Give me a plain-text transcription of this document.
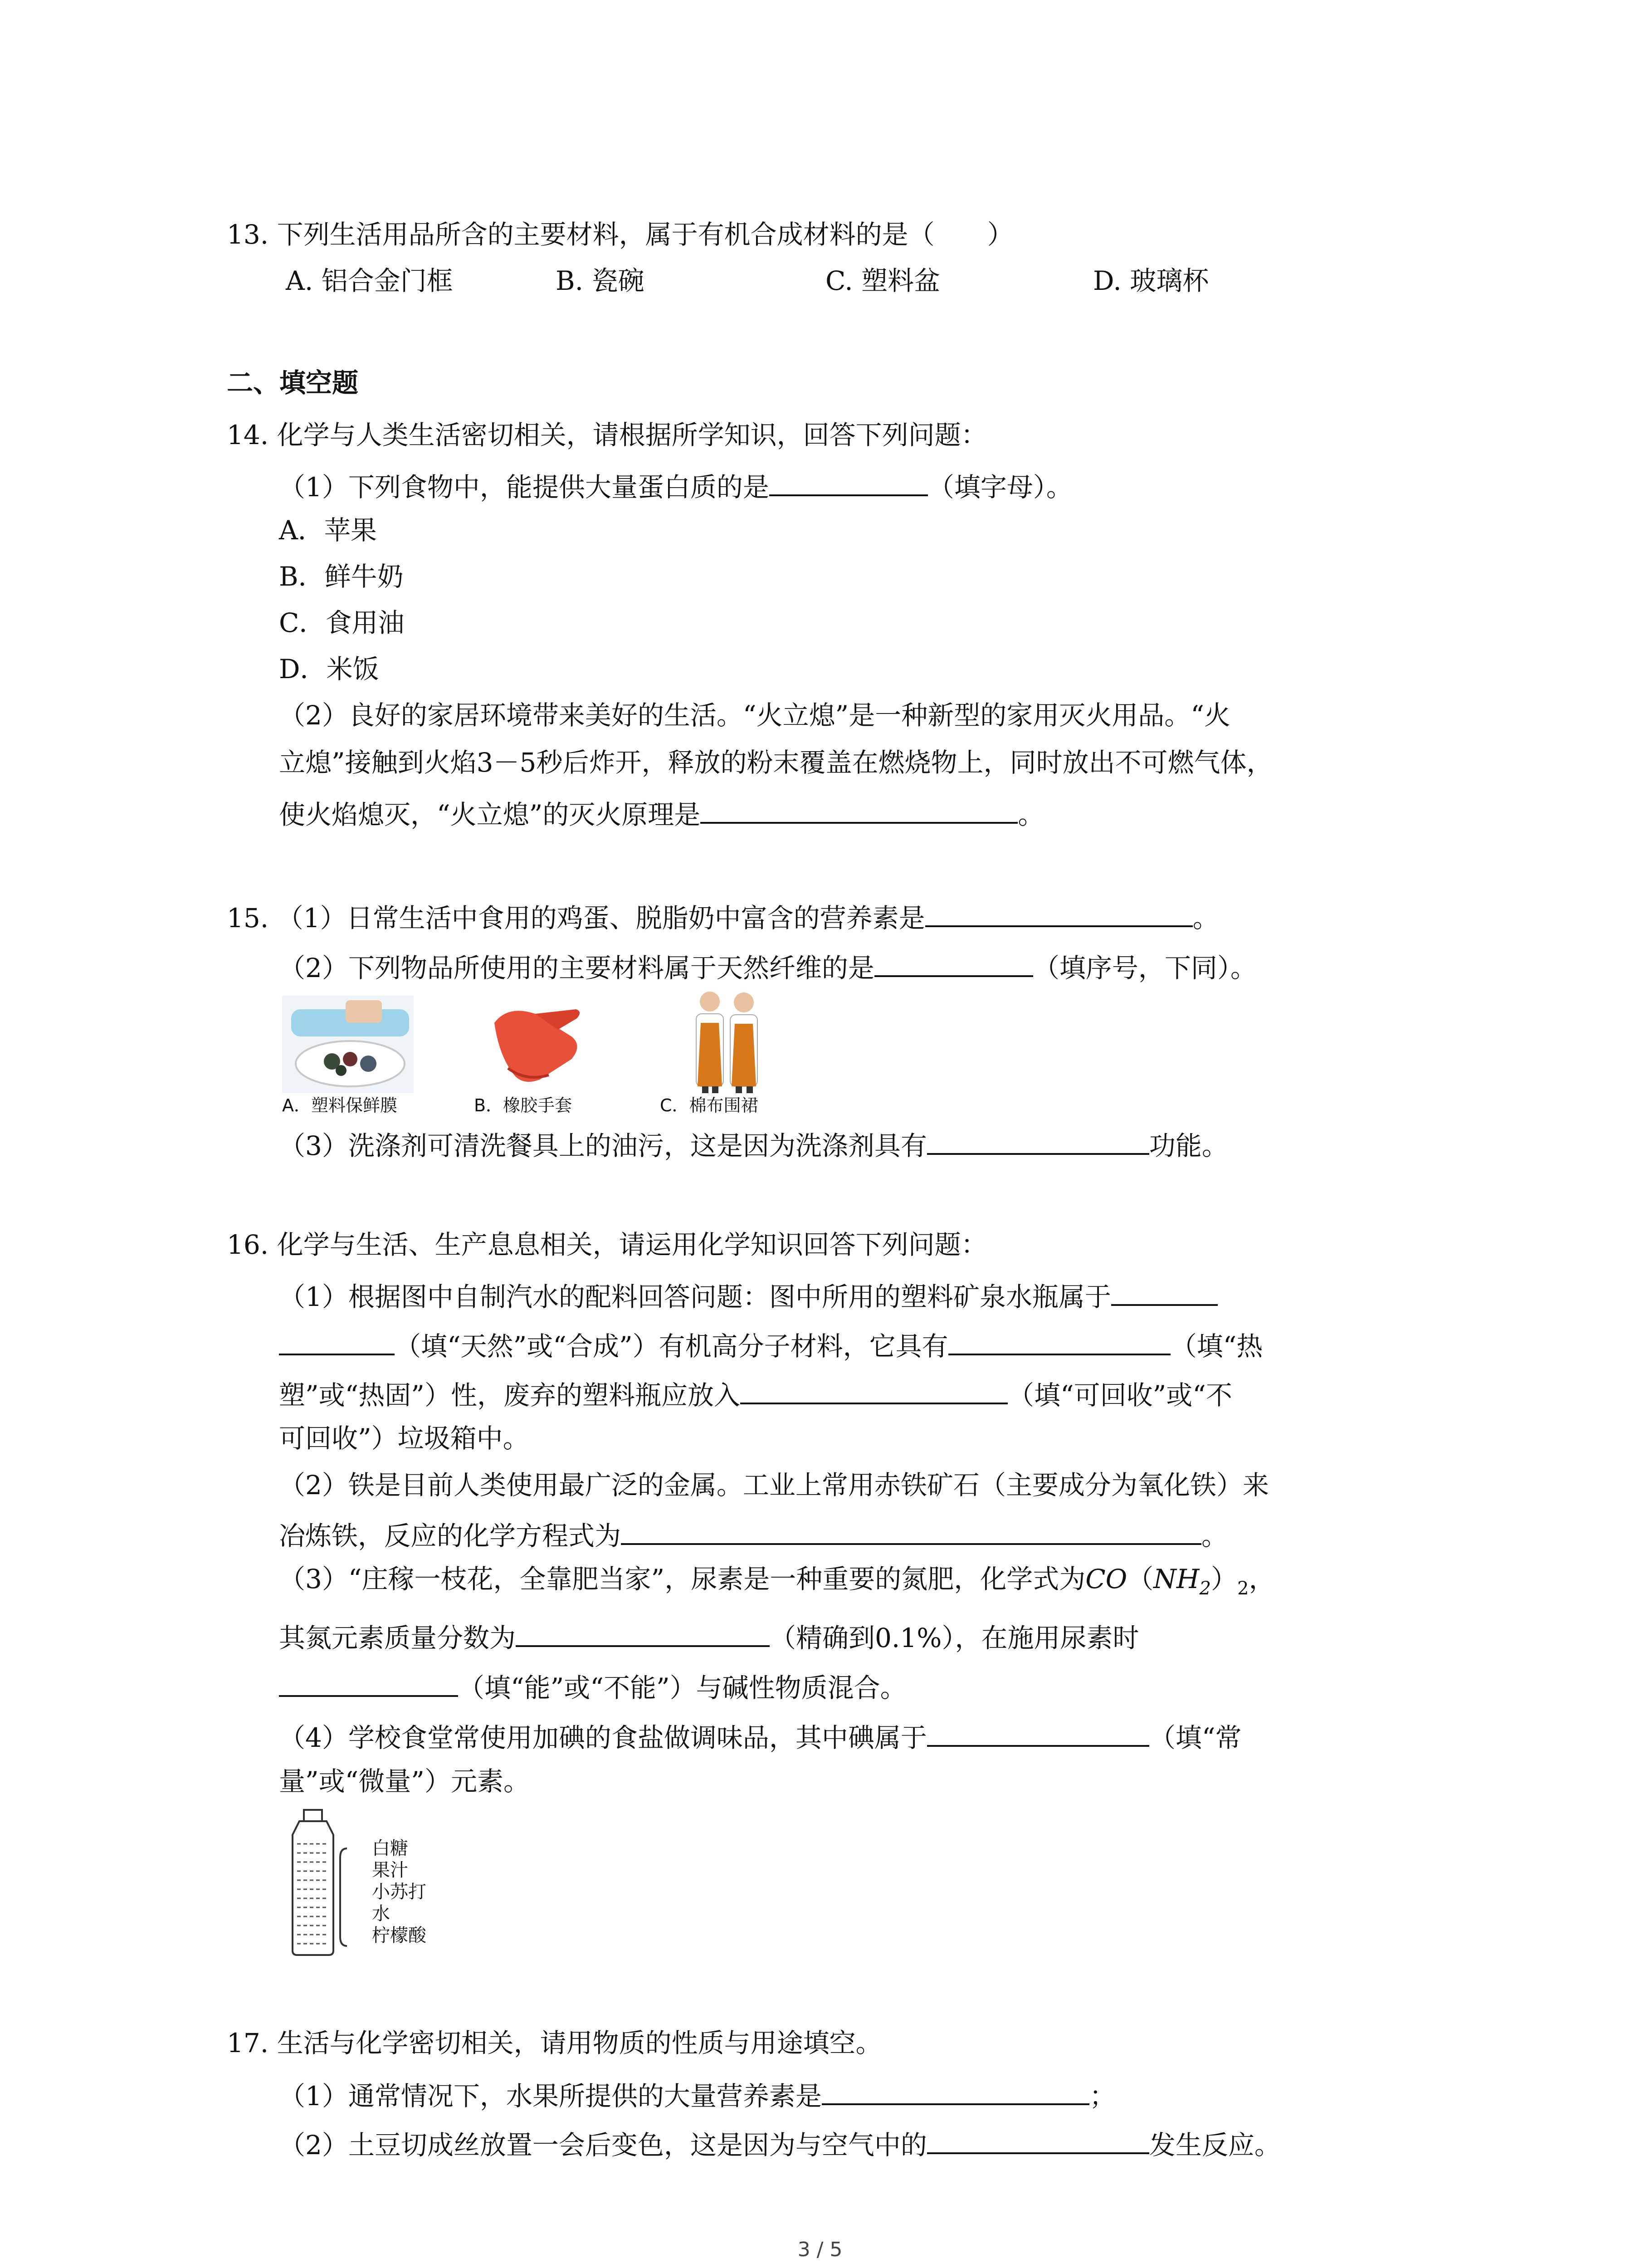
13. 下列生活用品所含的主要材料，属于有机合成材料的是（　　）
A. 铝合金门框	B. 瓷碗	C. 塑料盆	D. 玻璃杯
二、填空题
14. 化学与人类生活密切相关，请根据所学知识，回答下列问题：
（1）下列食物中，能提供大量蛋白质的是	（填字母）。
A．苹果
B．鲜牛奶
C．食用油
D．米饭
（2）良好的家居环境带来美好的生活。“火立熄”是一种新型的家用灭火用品。“火
立熄”接触到火焰3－5秒后炸开，释放的粉末覆盖在燃烧物上，同时放出不可燃气体，
使火焰熄灭，“火立熄”的灭火原理是	。
15. （1）日常生活中食用的鸡蛋、脱脂奶中富含的营养素是	。
（2）下列物品所使用的主要材料属于天然纤维的是	（填序号，下同）。
A．塑料保鲜膜	B．橡胶手套	C．棉布围裙
（3）洗涤剂可清洗餐具上的油污，这是因为洗涤剂具有	功能。
16. 化学与生活、生产息息相关，请运用化学知识回答下列问题：
（1）根据图中自制汽水的配料回答问题：图中所用的塑料矿泉水瓶属于
（填“天然”或“合成”）有机高分子材料，它具有	（填“热
塑”或“热固”）性，废弃的塑料瓶应放入	（填“可回收”或“不
可回收”）垃圾箱中。
（2）铁是目前人类使用最广泛的金属。工业上常用赤铁矿石（主要成分为氧化铁）来
冶炼铁，反应的化学方程式为	。
（3）“庄稼一枝花，全靠肥当家”，尿素是一种重要的氮肥，化学式为$CO(NH_2)_2$，
其氮元素质量分数为	（精确到0.1%），在施用尿素时
（填“能”或“不能”）与碱性物质混合。
（4）学校食堂常使用加碘的食盐做调味品，其中碘属于	（填“常
量”或“微量”）元素。
白糖
果汁
小苏打
水
柠檬酸
17. 生活与化学密切相关，请用物质的性质与用途填空。
（1）通常情况下，水果所提供的大量营养素是	；
（2）土豆切成丝放置一会后变色，这是因为与空气中的	发生反应。
3 / 5
